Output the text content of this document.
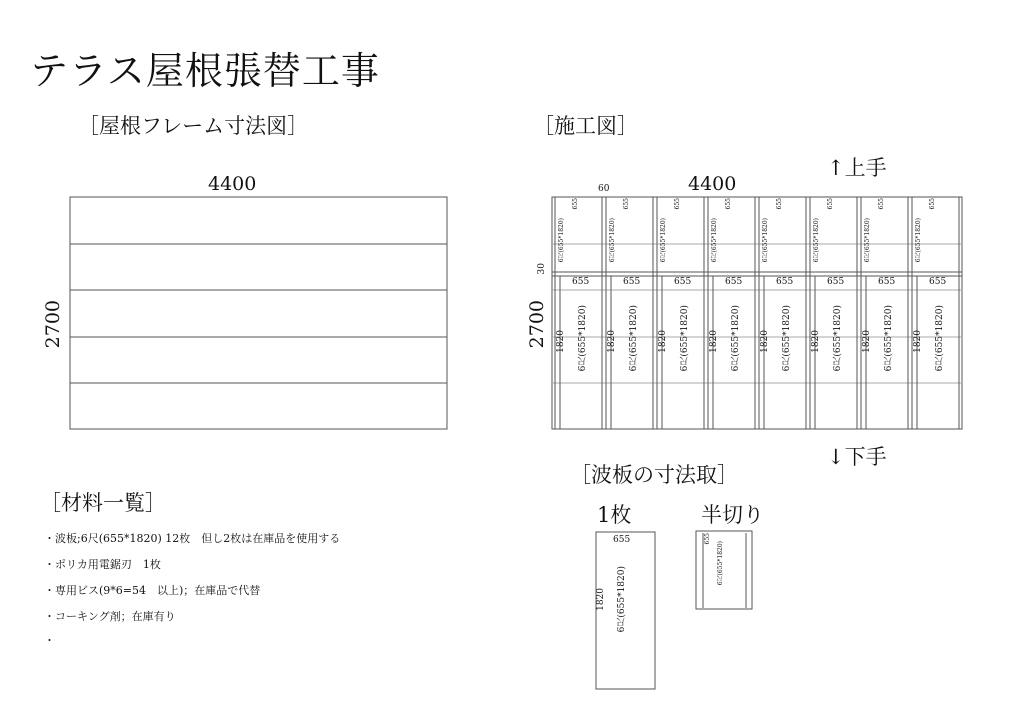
テラス屋根張替工事
［屋根フレーム寸法図］
4400
2700
［施工図］
↑上手
4400
60
30
2700
↓下手
655
1820 6尺(655*1820)
655
6尺(655*1820)
655
1820 6尺(655*1820)
655
6尺(655*1820)
655
1820 6尺(655*1820)
655
6尺(655*1820)
655
1820 6尺(655*1820)
655
6尺(655*1820)
655
1820 6尺(655*1820)
655
6尺(655*1820)
655
1820 6尺(655*1820)
655
6尺(655*1820)
655
1820 6尺(655*1820)
655
6尺(655*1820)
655
1820 6尺(655*1820)
655
6尺(655*1820)
［波板の寸法取］
1枚	半切り
655
1820 6尺(655*1820)
6尺(655*1820)
655
［材料一覧］
・波板;6尺(655*1820) 12枚　但し2枚は在庫品を使用する
・ポリカ用電鋸刃　1枚
・専用ビス(9*6=54　以上)；在庫品で代替
・コーキング剤；在庫有り
・
